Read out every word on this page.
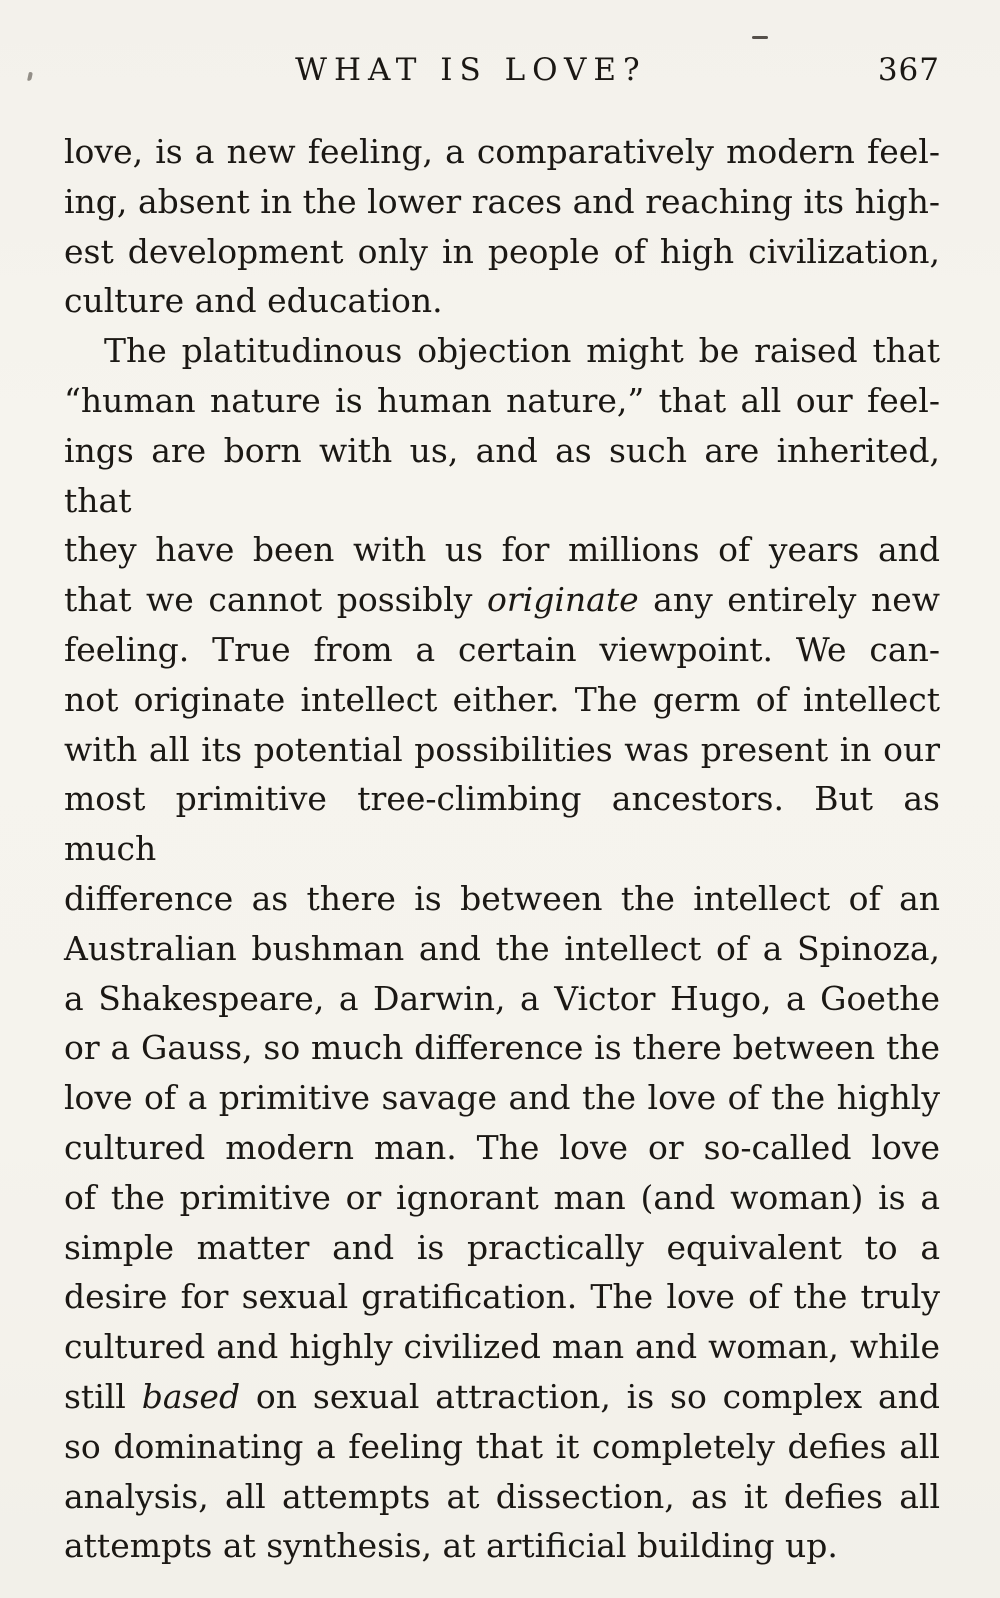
WHAT IS LOVE?	367
love, is a new feeling, a comparatively modern feel-
ing, absent in the lower races and reaching its high-
est development only in people of high civilization,
culture and education.
The platitudinous objection might be raised that
“human nature is human nature,” that all our feel-
ings are born with us, and as such are inherited, that
they have been with us for millions of years and
that we cannot possibly originate any entirely new
feeling. True from a certain viewpoint. We can-
not originate intellect either. The germ of intellect
with all its potential possibilities was present in our
most primitive tree-climbing ancestors. But as much
difference as there is between the intellect of an
Australian bushman and the intellect of a Spinoza,
a Shakespeare, a Darwin, a Victor Hugo, a Goethe
or a Gauss, so much difference is there between the
love of a primitive savage and the love of the highly
cultured modern man. The love or so-called love
of the primitive or ignorant man (and woman) is a
simple matter and is practically equivalent to a
desire for sexual gratification. The love of the truly
cultured and highly civilized man and woman, while
still based on sexual attraction, is so complex and
so dominating a feeling that it completely defies all
analysis, all attempts at dissection, as it defies all
attempts at synthesis, at artificial building up.
